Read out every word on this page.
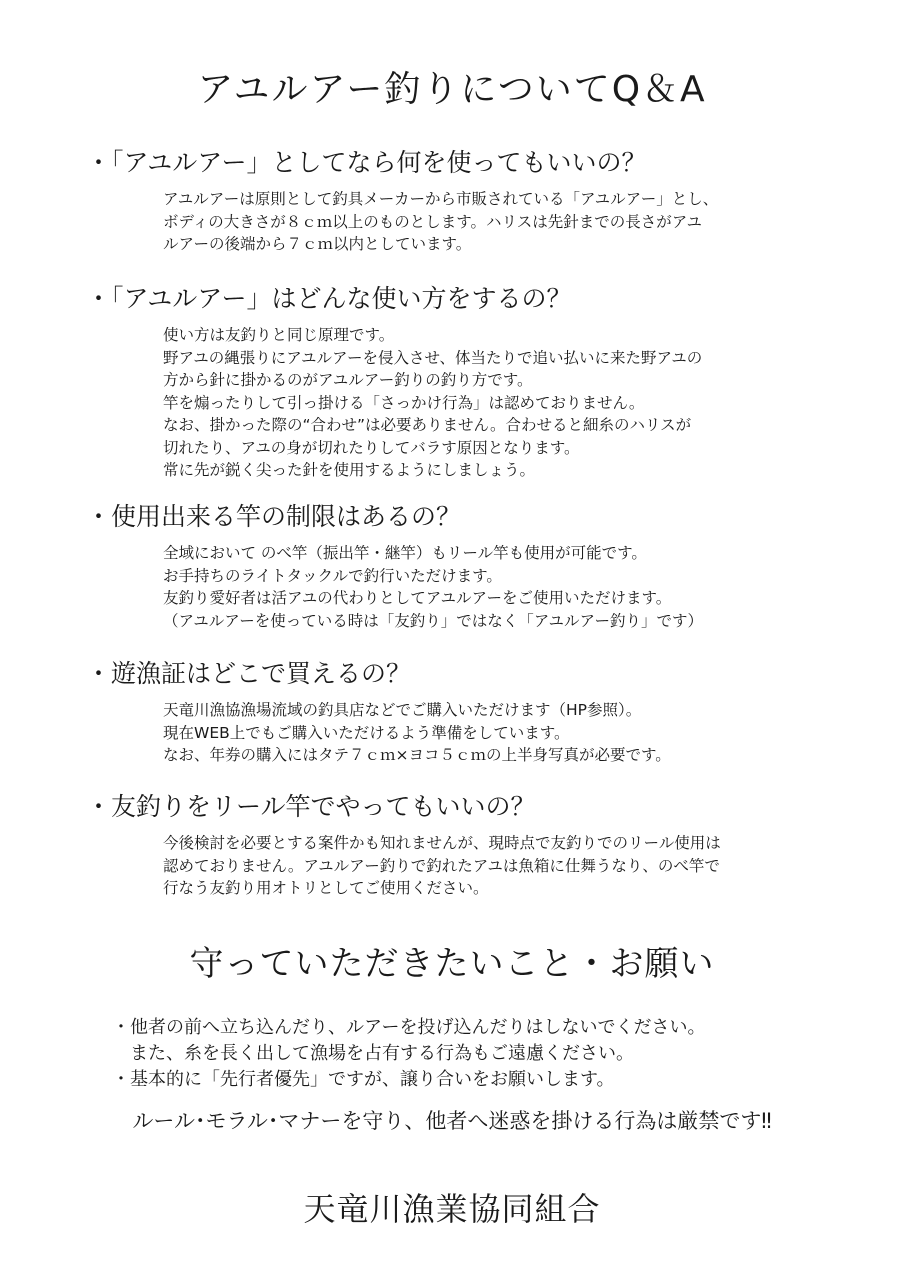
アユルアー釣りについてQ＆A

・「アユルアー」としてなら何を使ってもいいの？

アユルアーは原則として釣具メーカーから市販されている「アユルアー」とし、
ボディの大きさが８ｃｍ以上のものとします。ハリスは先針までの長さがアユ
ルアーの後端から７ｃｍ以内としています。

・「アユルアー」はどんな使い方をするの？

使い方は友釣りと同じ原理です。
野アユの縄張りにアユルアーを侵入させ、体当たりで追い払いに来た野アユの
方から針に掛かるのがアユルアー釣りの釣り方です。
竿を煽ったりして引っ掛ける「さっかけ行為」は認めておりません。
なお、掛かった際の“合わせ”は必要ありません。合わせると細糸のハリスが
切れたり、アユの身が切れたりしてバラす原因となります。
常に先が鋭く尖った針を使用するようにしましょう。

・使用出来る竿の制限はあるの？

全域において のべ竿（振出竿・継竿）もリール竿も使用が可能です。
お手持ちのライトタックルで釣行いただけます。
友釣り愛好者は活アユの代わりとしてアユルアーをご使用いただけます。
（アユルアーを使っている時は「友釣り」ではなく「アユルアー釣り」です）

・遊漁証はどこで買えるの？

天竜川漁協漁場流域の釣具店などでご購入いただけます（HP参照）。
現在WEB上でもご購入いただけるよう準備をしています。
なお、年券の購入にはタテ７ｃｍ×ヨコ５ｃｍの上半身写真が必要です。

・友釣りをリール竿でやってもいいの？

今後検討を必要とする案件かも知れませんが、現時点で友釣りでのリール使用は
認めておりません。アユルアー釣りで釣れたアユは魚箱に仕舞うなり、のべ竿で
行なう友釣り用オトリとしてご使用ください。
守っていただきたいこと・お願い
・他者の前へ立ち込んだり、ルアーを投げ込んだりはしないでください。
　また、糸を長く出して漁場を占有する行為もご遠慮ください。
・基本的に「先行者優先」ですが、譲り合いをお願いします。
ルール･モラル･マナーを守り、他者へ迷惑を掛ける行為は厳禁です‼
天竜川漁業協同組合
